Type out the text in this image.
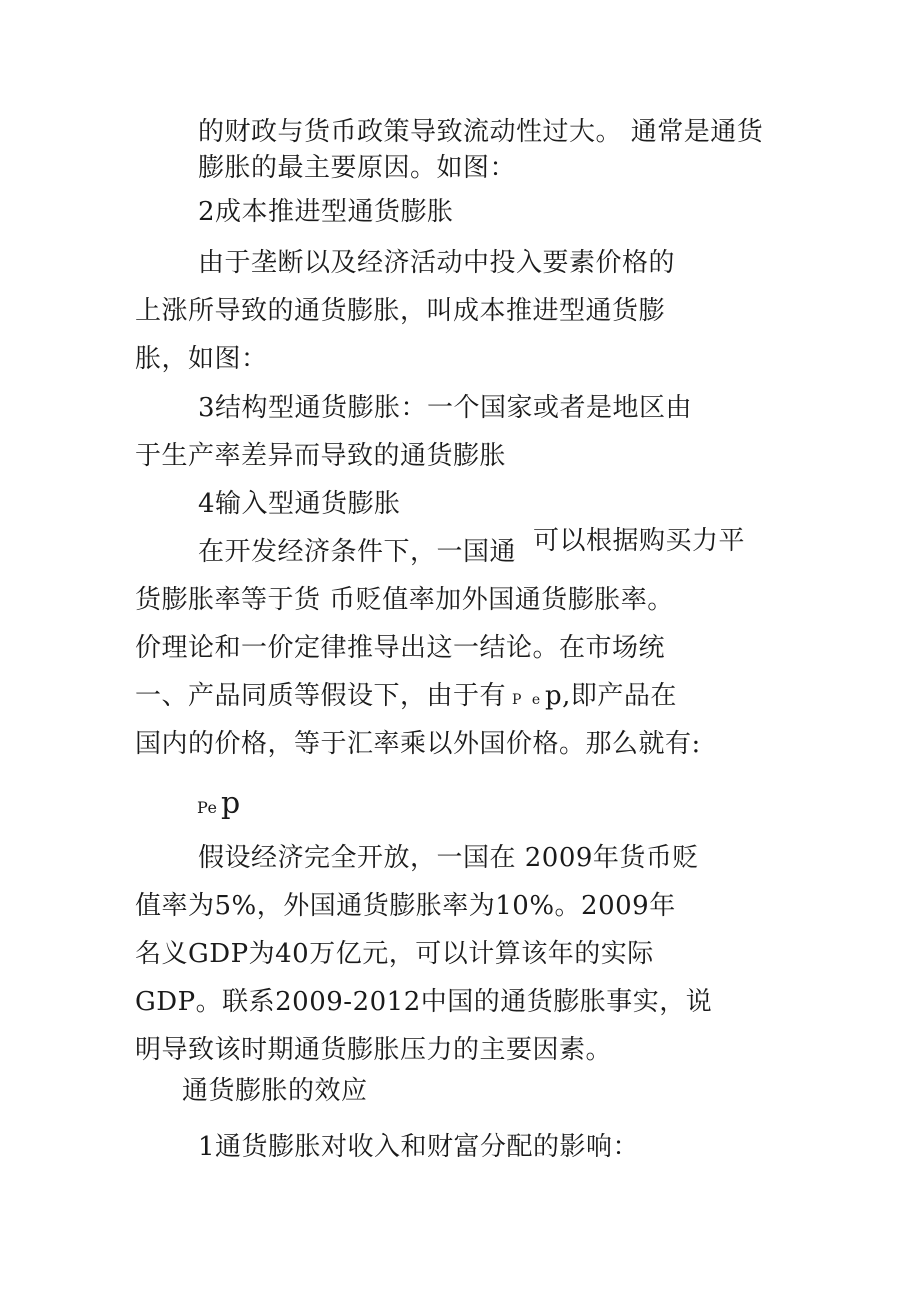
的财政与货币政策导致流动性过大。 通常是通货
膨胀的最主要原因。如图：
2成本推进型通货膨胀
由于垄断以及经济活动中投入要素价格的
上涨所导致的通货膨胀，叫成本推进型通货膨
胀，如图：
3结构型通货膨胀：一个国家或者是地区由
于生产率差异而导致的通货膨胀
4输入型通货膨胀
在开发经济条件下，一国通 可以根据购买力平
货膨胀率等于货 币贬值率加外国通货膨胀率。
价理论和一价定律推导出这一结论。在市场统
一、产品同质等假设下，由于有 P e p,即产品在
国内的价格，等于汇率乘以外国价格。那么就有:
Pe p
假设经济完全开放，一国在 2009年货币贬
值率为5%，外国通货膨胀率为10%。2009年
名义GDP为40万亿元，可以计算该年的实际
GDP。联系2009-2012中国的通货膨胀事实，说
明导致该时期通货膨胀压力的主要因素。
通货膨胀的效应
1通货膨胀对收入和财富分配的影响：
